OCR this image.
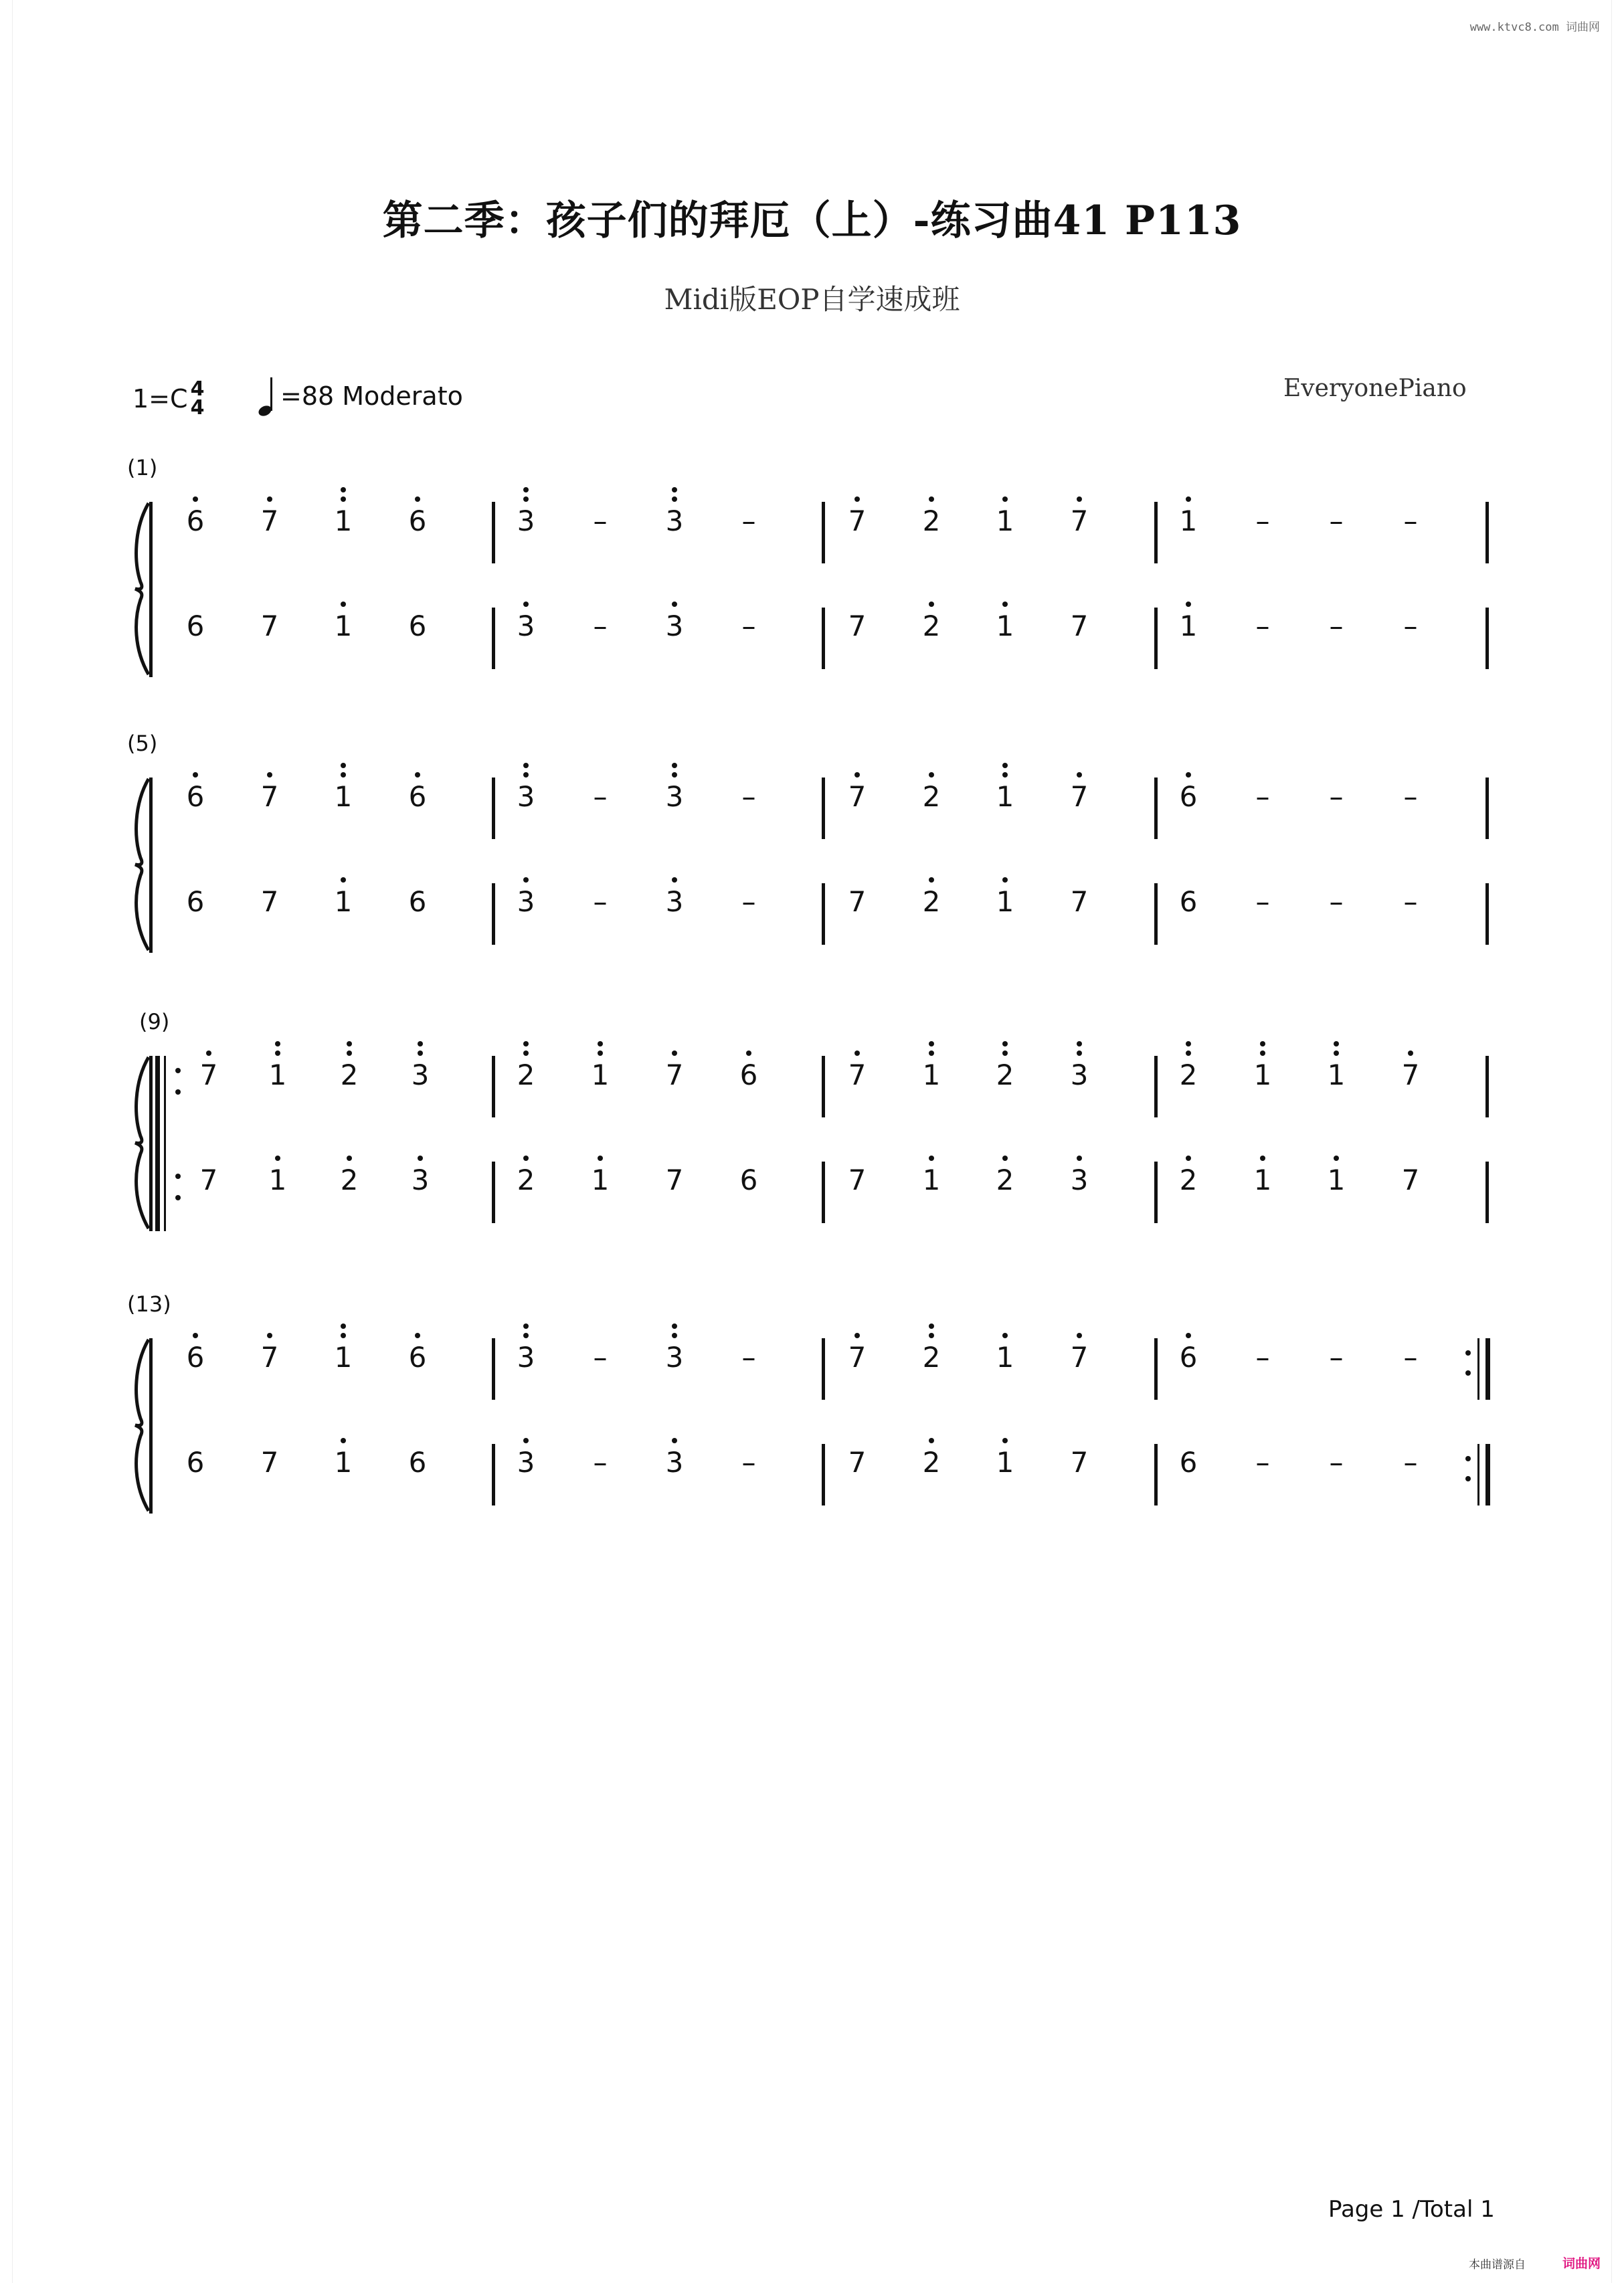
www.ktvc8.com 词曲网
第二季：孩子们的拜厄（上）-练习曲41 P113
Midi版EOP自学速成班
1=C 4
4	=88 Moderato	EveryonePiano
(1)
6	7	1	6	3	–	3	–	7	2	1	7	1	–	–	–
6	7	1	6	3	–	3	–	7	2	1	7	1	–	–	–
(5)
6	7	1	6	3	–	3	–	7	2	1	7	6	–	–	–
6	7	1	6	3	–	3	–	7	2	1	7	6	–	–	–
(9)
7	1	2	3	2	1	7	6	7	1	2	3	2	1	1	7
7	1	2	3	2	1	7	6	7	1	2	3	2	1	1	7
(13)
6	7	1	6	3	–	3	–	7	2	1	7	6	–	–	–
6	7	1	6	3	–	3	–	7	2	1	7	6	–	–	–
Page 1 /Total 1
本曲谱源自	词曲网
